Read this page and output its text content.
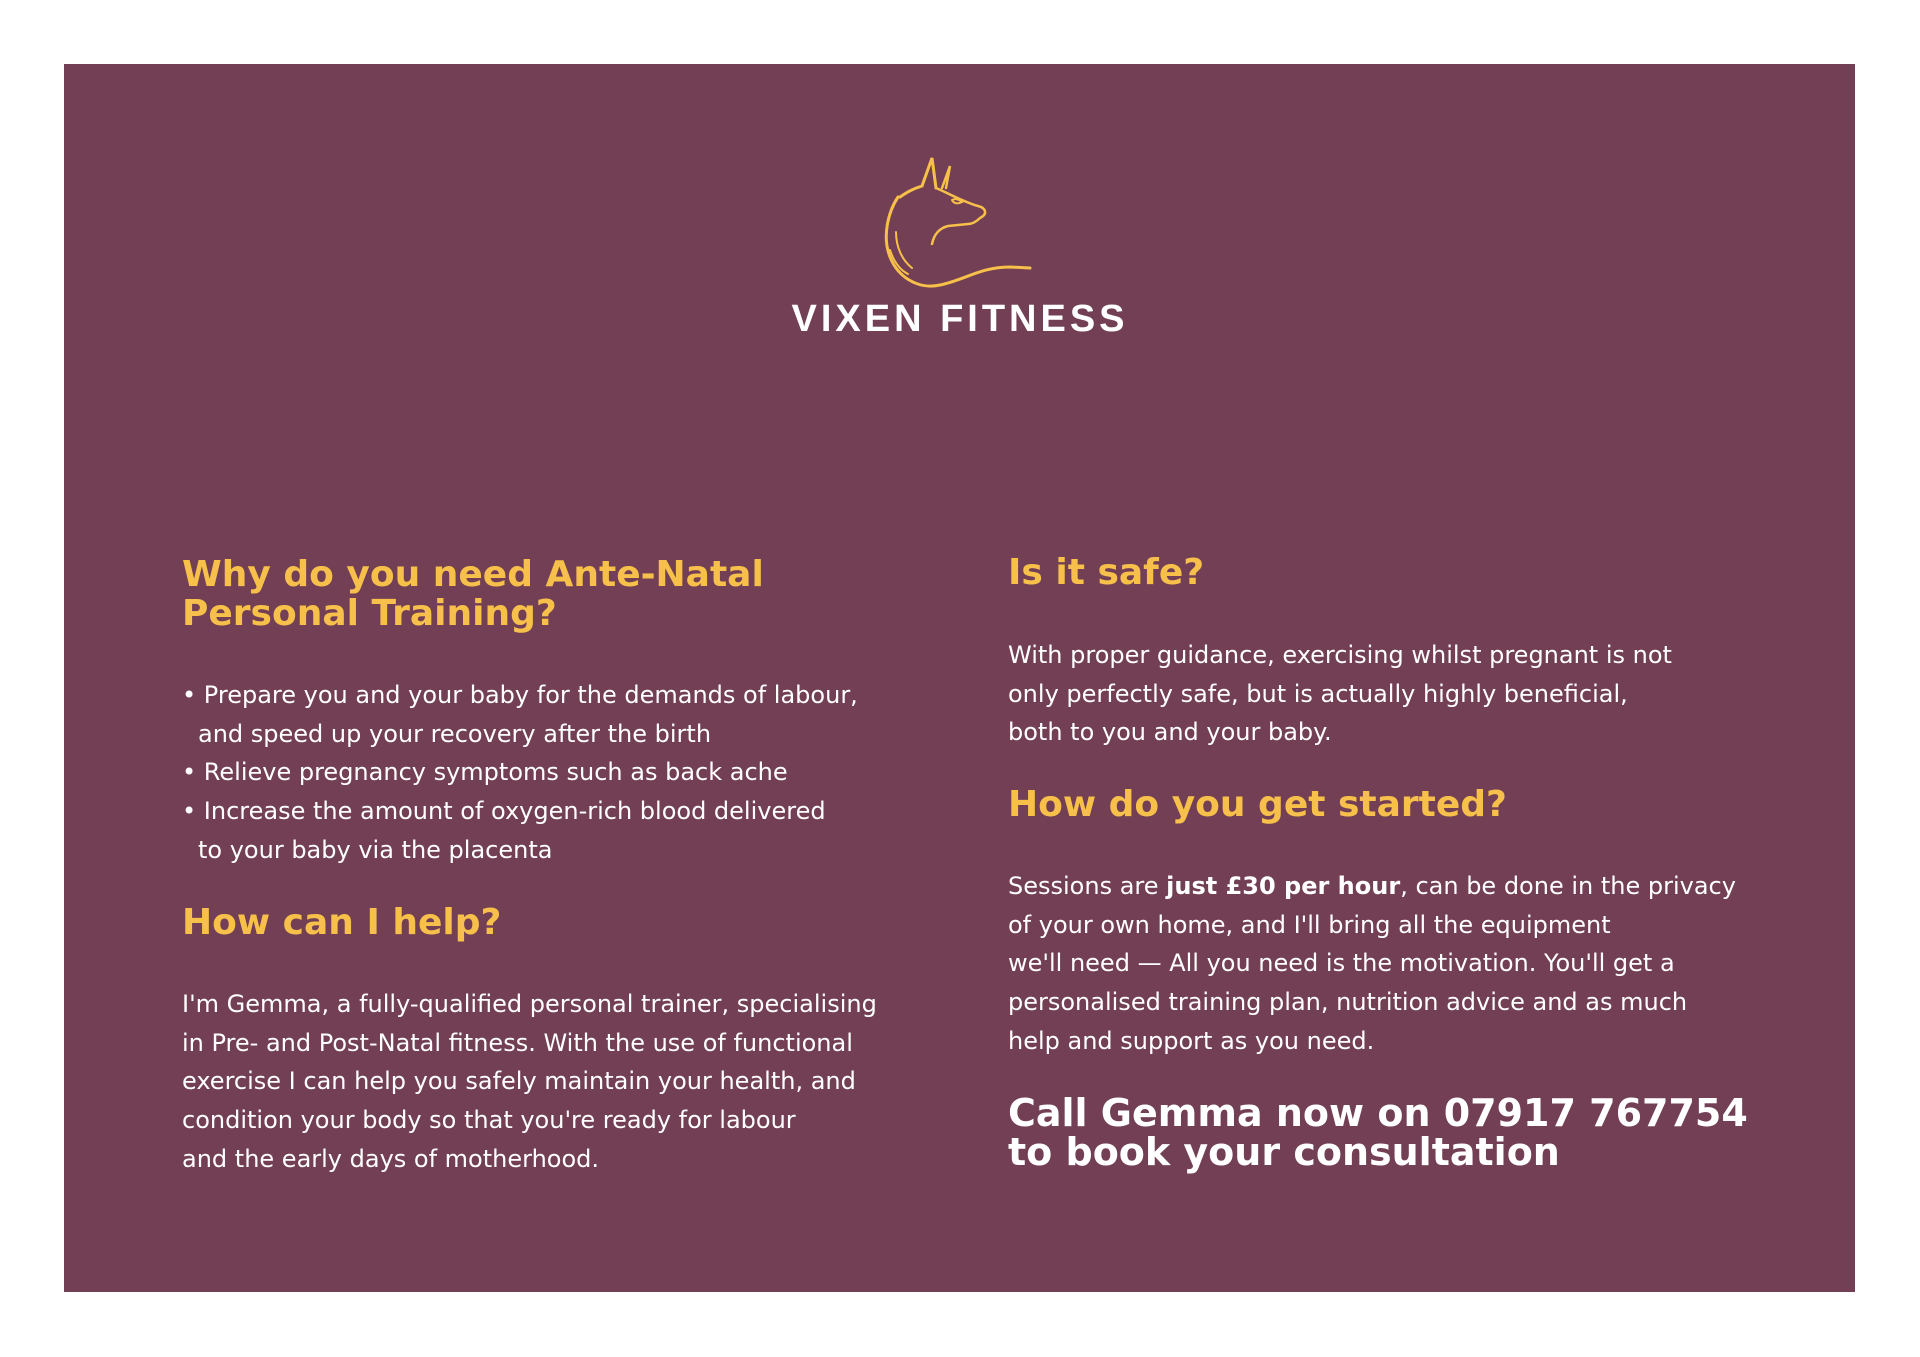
VIXEN FITNESS
Why do you need Ante-Natal
Personal Training?
• Prepare you and your baby for the demands of labour,
and speed up your recovery after the birth
• Relieve pregnancy symptoms such as back ache
• Increase the amount of oxygen-rich blood delivered
to your baby via the placenta
How can I help?

I'm Gemma, a fully-qualified personal trainer, specialising
in Pre- and Post-Natal fitness. With the use of functional
exercise I can help you safely maintain your health, and
condition your body so that you're ready for labour
and the early days of motherhood.

Is it safe?

With proper guidance, exercising whilst pregnant is not
only perfectly safe, but is actually highly beneficial,
both to you and your baby.

How do you get started?

Sessions are just £30 per hour, can be done in the privacy
of your own home, and I'll bring all the equipment
we'll need — All you need is the motivation. You'll get a
personalised training plan, nutrition advice and as much
help and support as you need.

Call Gemma now on 07917 767754
to book your consultation
